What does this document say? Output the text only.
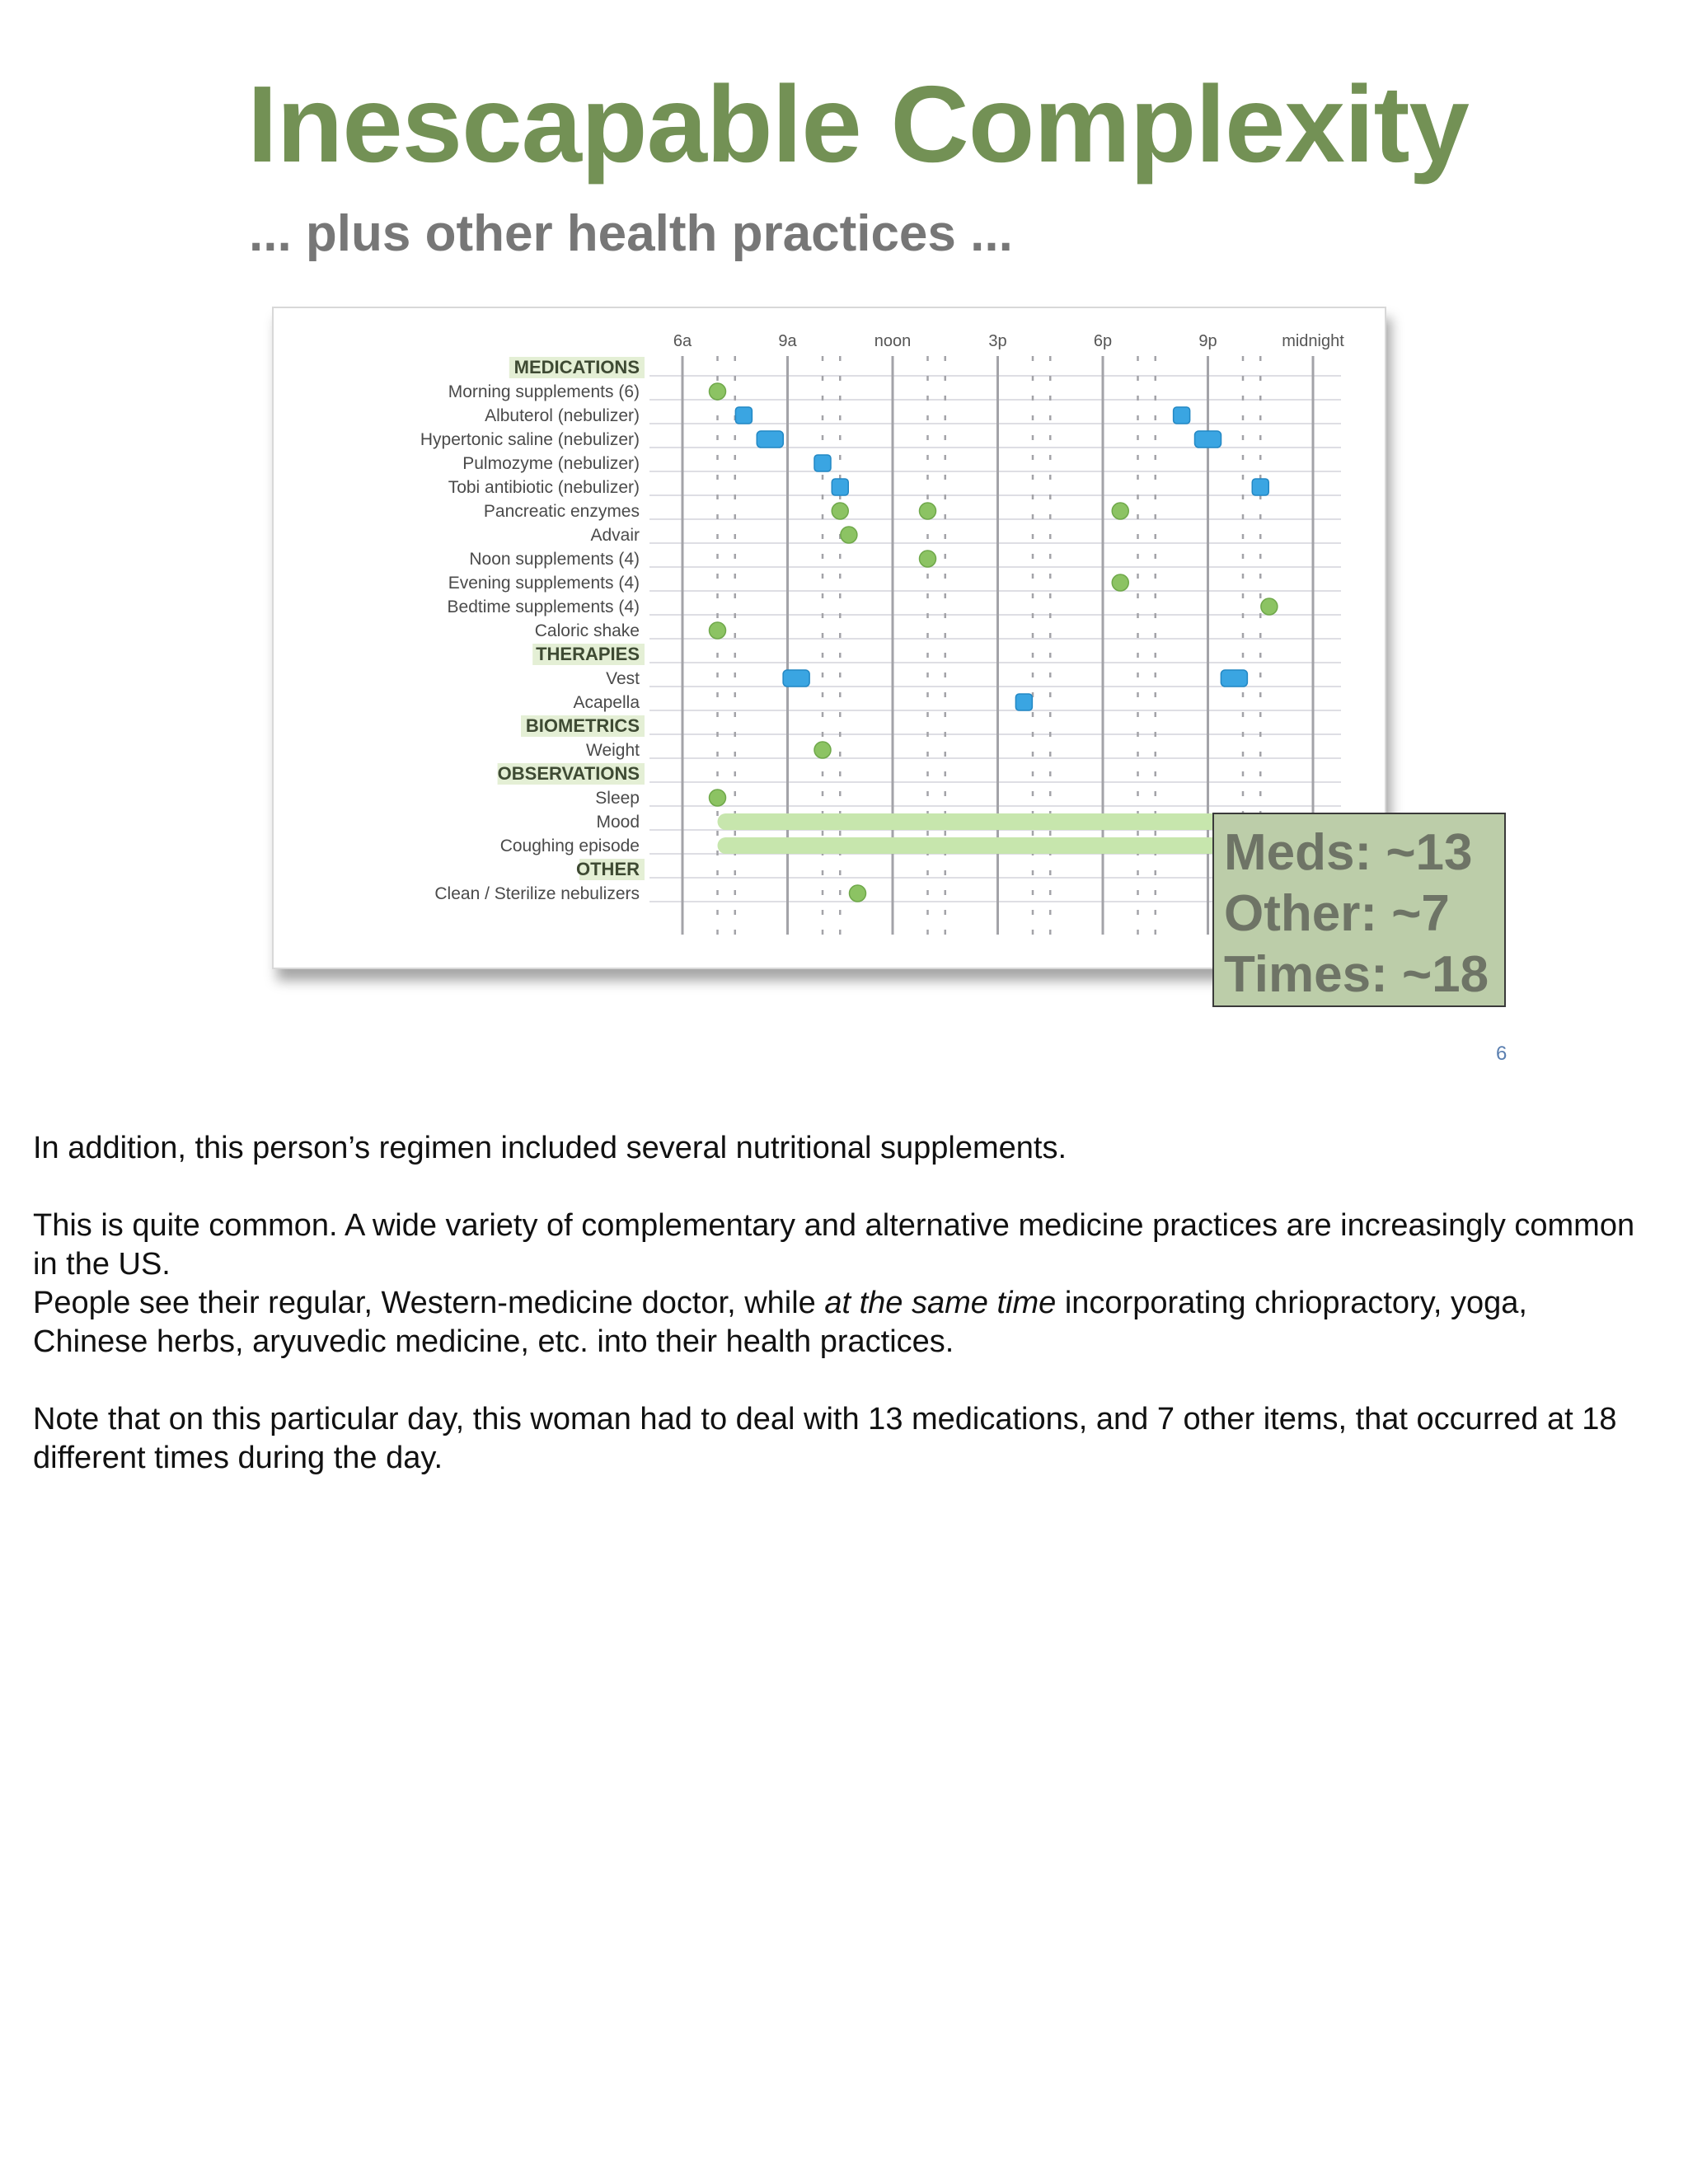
Inescapable Complexity
... plus other health practices ...
6a	9a	noon	3p	6p	9p	midnight
MEDICATIONS
Morning supplements (6)
Albuterol (nebulizer)
Hypertonic saline (nebulizer)
Pulmozyme (nebulizer)
Tobi antibiotic (nebulizer)
Pancreatic enzymes
Advair
Noon supplements (4)
Evening supplements (4)
Bedtime supplements (4)
Caloric shake
THERAPIES
Vest
Acapella
BIOMETRICS
Weight
OBSERVATIONS
Sleep
Mood
Coughing episode
OTHER
Clean / Sterilize nebulizers
Meds: ~13
Other: ~7
Times: ~18
6

In addition, this person’s regimen included several nutritional supplements.

This is quite common. A wide variety of complementary and alternative medicine practices are increasingly common in the US.

People see their regular, Western-medicine doctor, while at the same time incorporating chriopractory, yoga, Chinese herbs, aryuvedic medicine, etc. into their health practices.

Note that on this particular day, this woman had to deal with 13 medications, and 7 other items, that occurred at 18 different times during the day.
